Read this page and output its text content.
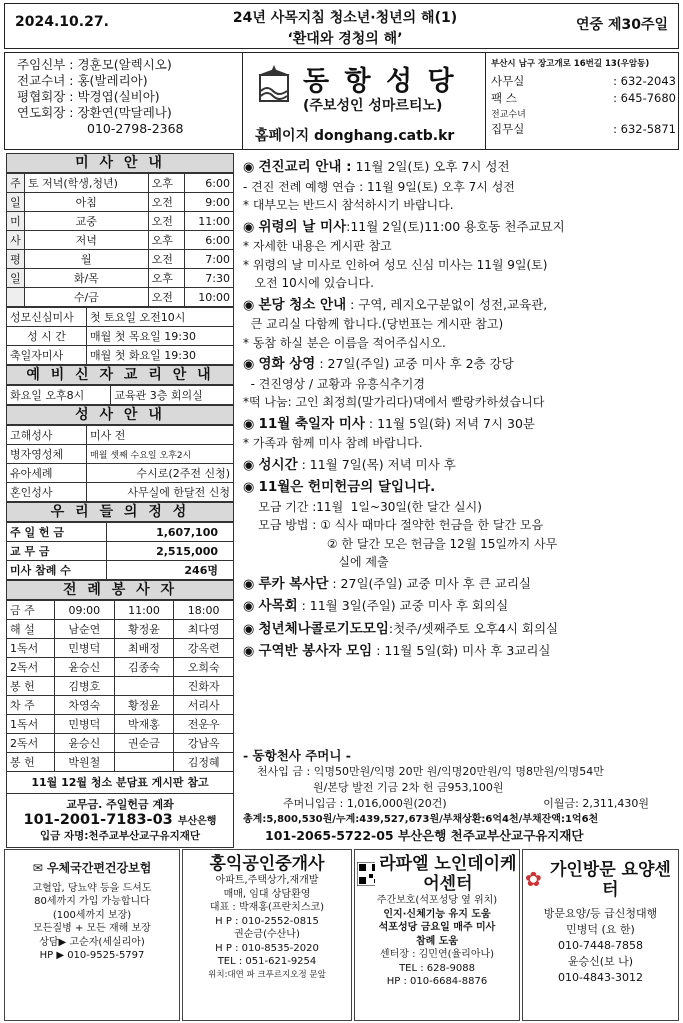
2024.10.27.	24년 사목지침 청소년·청년의 해(1)
‘환대와 경청의 해’
연중 제30주일
주임신부 : 경훈모(알렉시오)
전교수녀 : 홍(발레리아)
평협회장 : 박경엽(실비아)
연도회장 : 장환연(막달레나)
010-2798-2368
동 항 성 당
(주보성인 성마르티노)
홈페이지 donghang.catb.kr
부산시 남구 장고개로 16번길 13(우암동)
사무실	: 632-2043
팩 스	: 645-7680
전교수녀
집무실	: 632-5871
미 사 안 내
주	토 저녁(학생,청년)	오후	6:00
일	아침	오전	9:00
미	교중	오전	11:00
사	저녁	오후	6:00
평	월	오전	7:00
일	화/목	오후	7:30
	수/금	오전	10:00
성모신심미사	첫 토요일 오전10시
성 시 간	매월 첫 목요일 19:30
축일자미사	매월 첫 화요일 19:30
예 비 신 자 교 리 안 내
화요일 오후8시	교육관 3층 회의실
성 사 안 내
고해성사	미사 전
병자영성체	매월 셋째 수요일 오후2시
유아세례	수시로(2주전 신청)
혼인성사	사무실에 한달전 신청
우 리 들 의 정 성
주 일 헌 금	1,607,100
교 무 금	2,515,000
미사 참례 수	246명
전 례 봉 사 자
금 주	09:00	11:00	18:00
해 설	남순연	황정윤	최다영
1독서	민병덕	최배정	강옥련
2독서	윤승신	김종숙	오희숙
봉 헌	김병호		진화자
차 주	차영숙	황정윤	서리사
1독서	민병덕	박재홍	전운우
2독서	윤승신	권순금	강남옥
봉 헌	박원철		김정혜
11월 12월 청소 분담표 게시판 참고
교무금. 주일헌금 계좌
101-2001-7183-03 부산은행
입금 자명:천주교부산교구유지재단

◉ 견진교리 안내 : 11월 2일(토) 오후 7시 성전

- 견진 전례 예행 연습 : 11월 9일(토) 오후 7시 성전

* 대부모는 반드시 참석하시기 바랍니다.

◉ 위령의 날 미사:11월 2일(토)11:00 용호동 천주교묘지

* 자세한 내용은 게시판 참고

* 위령의 날 미사로 인하여 성모 신심 미사는 11월 9일(토)

오전 10시에 있습니다.

◉ 본당 청소 안내 : 구역, 레지오구분없이 성전,교육관,

큰 교리실 다함께 합니다.(당번표는 게시판 참고)

* 동참 하실 분은 이름을 적어주십시오.

◉ 영화 상영 : 27일(주일) 교중 미사 후 2층 강당

- 견진영상 / 교황과 유흥식추기경

*떡 나눔: 고인 최정희(말가리다)댁에서 빨랑카하셨습니다

◉ 11월 축일자 미사 : 11월 5일(화) 저녁 7시 30분

* 가족과 함께 미사 참례 바랍니다.

◉ 성시간 : 11월 7일(목) 저녁 미사 후

◉ 11월은 헌미헌금의 달입니다.

모금 기간 :11월  1일~30일(한 달간 실시)

모금 방법 : ① 식사 때마다 절약한 헌금을 한 달간 모음

② 한 달간 모은 헌금을 12월 15일까지 사무

실에 제출

◉ 루카 복사단 : 27일(주일) 교중 미사 후 큰 교리실

◉ 사목회 : 11월 3일(주일) 교중 미사 후 회의실

◉ 청년체나콜로기도모임:첫주/셋째주토 오후4시 회의실

◉ 구역반 봉사자 모임 : 11월 5일(화) 미사 후 3교리실

- 동항천사 주머니 -
천사입 금 : 익명50만원/익명 20만 원/익명20만원/익 명8만원/익명54만
원/본당 발전 기금 2차 헌 금953,100원
주머니입금 : 1,016,000원(20건)	이월금: 2,311,430원
총계:5,800,530원/누계:439,527,673원/부채상환:6억4천/부채잔액:1억6천
101-2065-5722-05 부산은행 천주교부산교구유지재단
✉ 우체국간편건강보험
고혈압, 당뇨약 등을 드셔도
80세까지 가입 가능합니다
(100세까지 보장)
모든질병 + 모든 재해 보장
상담▶ 고순자(세실리아)
HP ▶ 010-9525-5797
홍익공인중개사
아파트,주택상가,재개발
매매, 임대 상담환영
대표 : 박재홍(프란치스코)
H P : 010-2552-0815
권순금(수산나)
H P : 010-8535-2020
TEL : 051-621-9254
위치:대연 파 크푸르지오정 문앞
라파엘 노인데이케어센터
주간보호(석포성당 옆 위치)
인지·신체기능 유지 도움
석포성당 금요일 매주 미사
참례 도움
센터장 : 김민연(율리아나)
TEL : 628-9088
HP : 010-6684-8876
✿ 가인방문 요양센터
방문요양/등 급신청대행
민병덕 (요 한)
010-7448-7858
윤승신(보 나)
010-4843-3012
